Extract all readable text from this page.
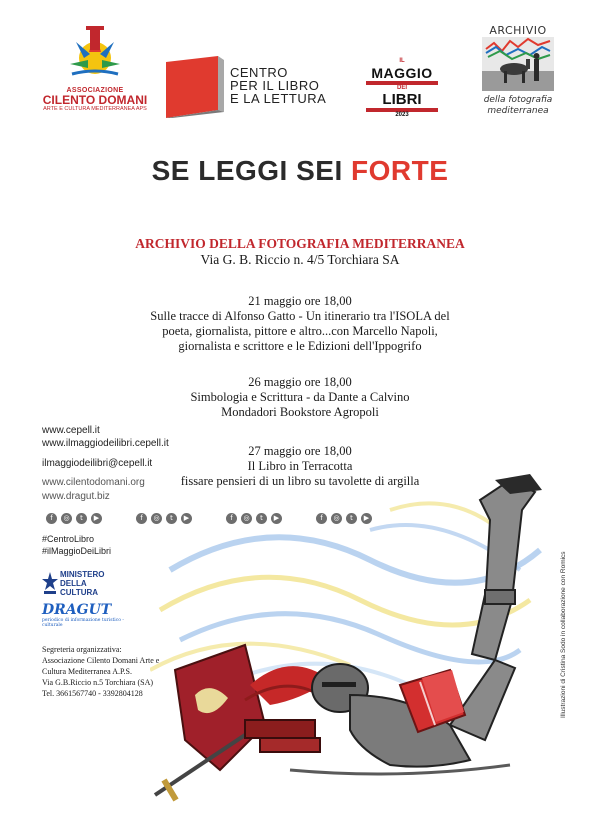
ASSOCIAZIONE
CILENTO DOMANI
ARTE E CULTURA MEDITERRANEA APS
CENTRO
PER IL LIBRO
E LA LETTURA
IL
MAGGIO
DEI
LIBRI
2023
ARCHIVIO
della fotografia
mediterranea
SE LEGGI SEI FORTE
ARCHIVIO DELLA FOTOGRAFIA MEDITERRANEA
Via G. B. Riccio n. 4/5 Torchiara SA
21 maggio ore 18,00
Sulle tracce di Alfonso Gatto - Un itinerario tra l'ISOLA del
poeta, giornalista, pittore e altro...con Marcello Napoli,
giornalista e scrittore e le Edizioni dell'Ippogrifo
26 maggio ore 18,00
Simbologia e Scrittura - da Dante a Calvino
Mondadori Bookstore Agropoli
27 maggio ore 18,00
Il Libro in Terracotta
fissare pensieri di un libro su tavolette di argilla
www.cepell.it
www.ilmaggiodeilibri.cepell.it
ilmaggiodeilibri@cepell.it
www.cilentodomani.org
www.dragut.biz
f ◎ t ▶	f ◎ t ▶	f ◎ t ▶	f ◎ t ▶
#CentroLibro
#ilMaggioDeiLibri
MINISTERO
DELLA
CULTURA
DRAGUT
periodico di informazione turistico - culturale
Segreteria organizzativa:
Associazione Cilento Domani Arte e
Cultura Mediterranea A.P.S.
Via G.B.Riccio n.5 Torchiara (SA)
Tel. 3661567740 - 3392804128	Illustrazioni di Cristina Sodo in collaborazione con Romics
